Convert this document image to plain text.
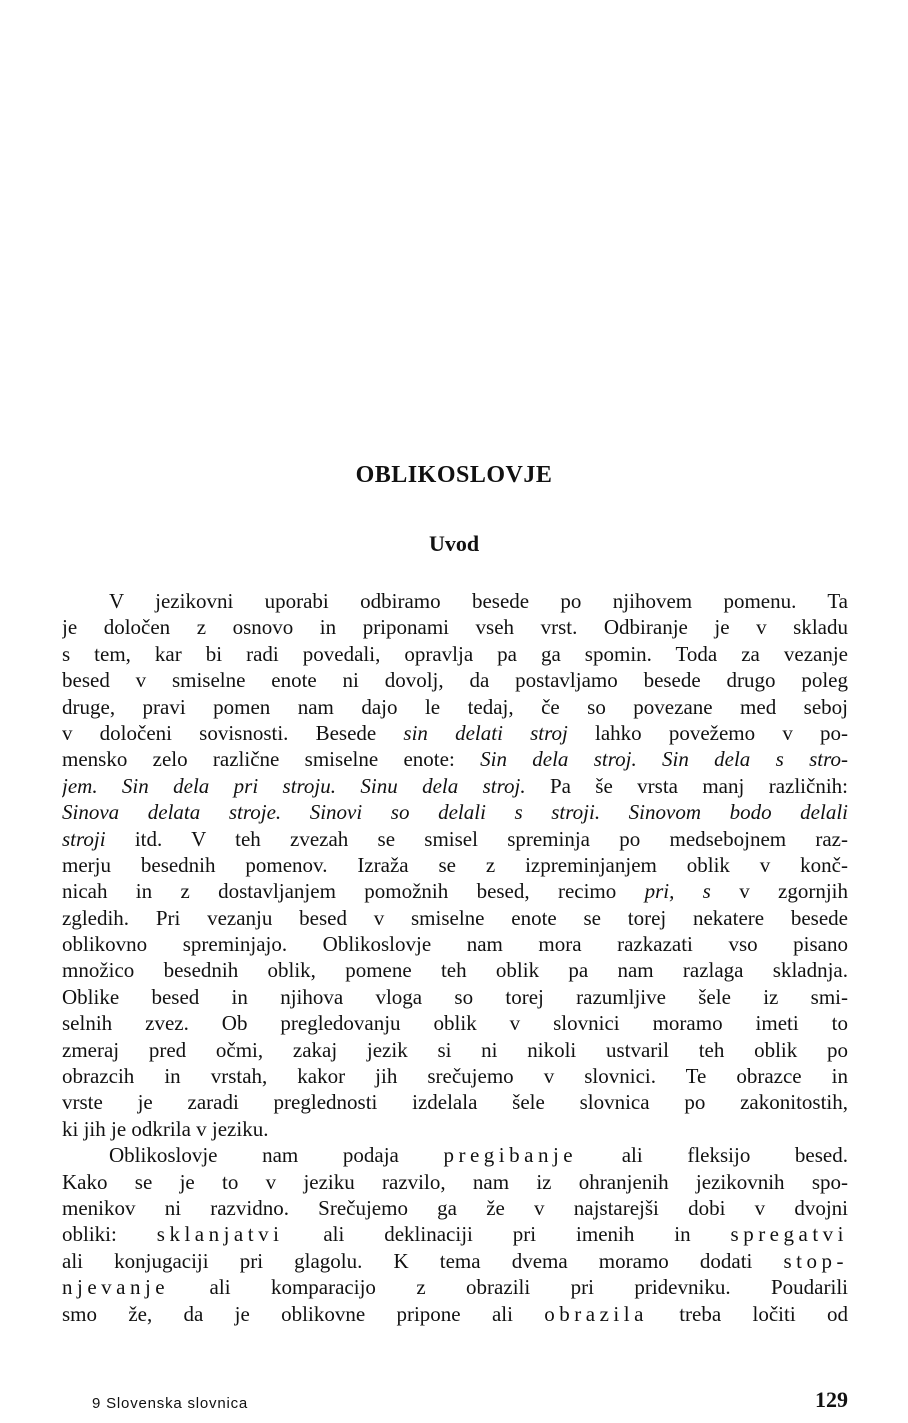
OBLIKOSLOVJE
Uvod
V jezikovni uporabi odbiramo besede po njihovem pomenu. Ta
je določen z osnovo in priponami vseh vrst. Odbiranje je v skladu
s tem, kar bi radi povedali, opravlja pa ga spomin. Toda za vezanje
besed v smiselne enote ni dovolj, da postavljamo besede drugo poleg
druge, pravi pomen nam dajo le tedaj, če so povezane med seboj
v določeni sovisnosti. Besede sin delati stroj lahko povežemo v po-
mensko zelo različne smiselne enote: Sin dela stroj. Sin dela s stro-
jem. Sin dela pri stroju. Sinu dela stroj. Pa še vrsta manj različnih:
Sinova delata stroje. Sinovi so delali s stroji. Sinovom bodo delali
stroji itd. V teh zvezah se smisel spreminja po medsebojnem raz-
merju besednih pomenov. Izraža se z izpreminjanjem oblik v konč-
nicah in z dostavljanjem pomožnih besed, recimo pri, s v zgornjih
zgledih. Pri vezanju besed v smiselne enote se torej nekatere besede
oblikovno spreminjajo. Oblikoslovje nam mora razkazati vso pisano
množico besednih oblik, pomene teh oblik pa nam razlaga skladnja.
Oblike besed in njihova vloga so torej razumljive šele iz smi-
selnih zvez. Ob pregledovanju oblik v slovnici moramo imeti to
zmeraj pred očmi, zakaj jezik si ni nikoli ustvaril teh oblik po
obrazcih in vrstah, kakor jih srečujemo v slovnici. Te obrazce in
vrste je zaradi preglednosti izdelala šele slovnica po zakonitostih,
ki jih je odkrila v jeziku.
Oblikoslovje nam podaja pregibanje ali fleksijo besed.
Kako se je to v jeziku razvilo, nam iz ohranjenih jezikovnih spo-
menikov ni razvidno. Srečujemo ga že v najstarejši dobi v dvojni
obliki: sklanjatvi ali deklinaciji pri imenih in spregatvi
ali konjugaciji pri glagolu. K tema dvema moramo dodati stop-
njevanje ali komparacijo z obrazili pri pridevniku. Poudarili
smo že, da je oblikovne pripone ali obrazila treba ločiti od
9 Slovenska slovnica	129
